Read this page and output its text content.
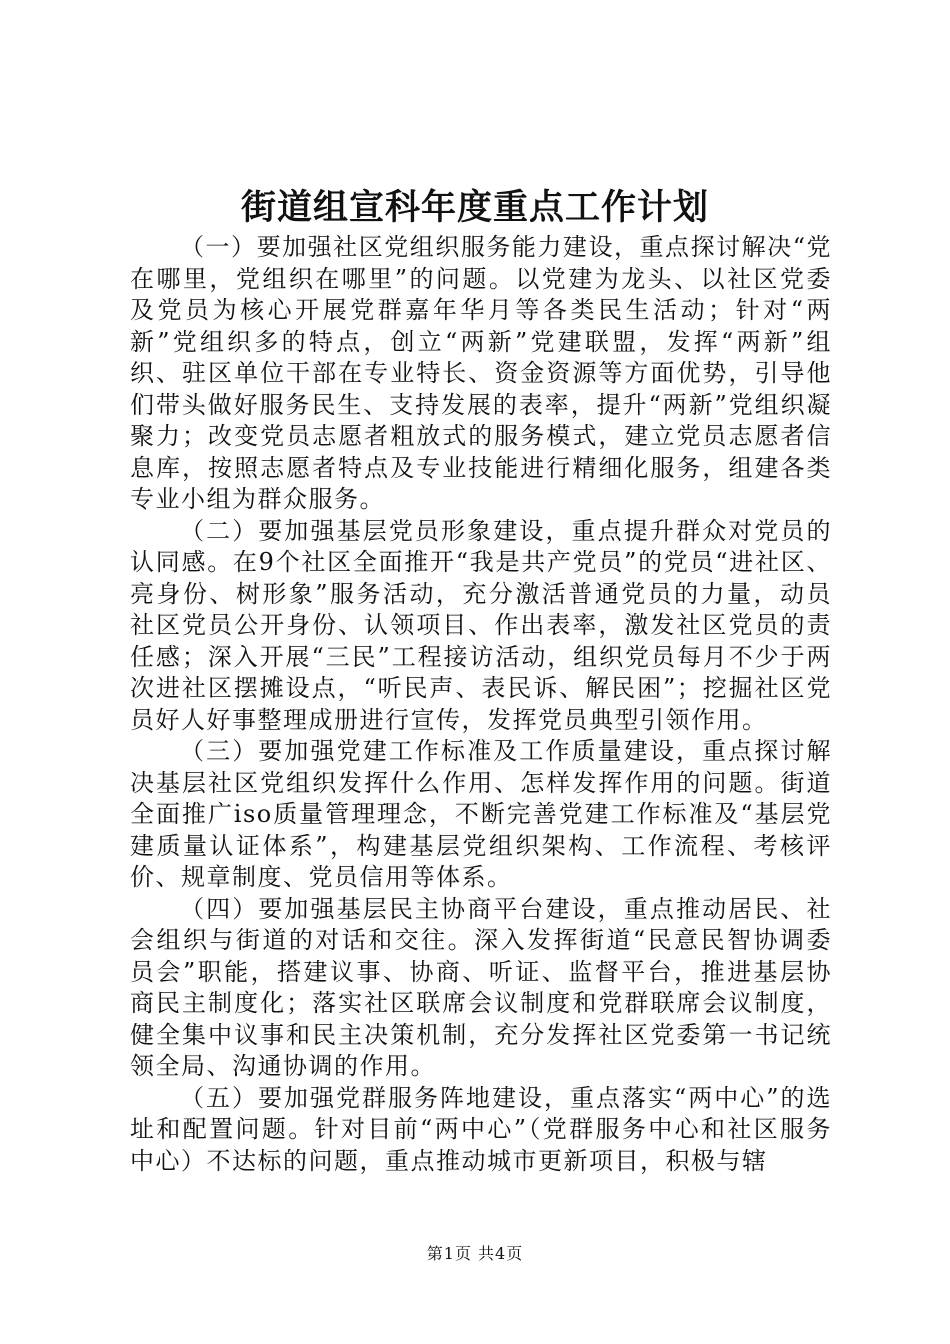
街道组宣科年度重点工作计划

（一）要加强社区党组织服务能力建设，重点探讨解决“党在哪里，党组织在哪里”的问题。以党建为龙头、以社区党委及党员为核心开展党群嘉年华月等各类民生活动；针对“两新”党组织多的特点，创立“两新”党建联盟，发挥“两新”组织、驻区单位干部在专业特长、资金资源等方面优势，引导他们带头做好服务民生、支持发展的表率，提升“两新”党组织凝聚力；改变党员志愿者粗放式的服务模式，建立党员志愿者信息库，按照志愿者特点及专业技能进行精细化服务，组建各类专业小组为群众服务。

（二）要加强基层党员形象建设，重点提升群众对党员的认同感。在9个社区全面推开“我是共产党员”的党员“进社区、亮身份、树形象”服务活动，充分激活普通党员的力量，动员社区党员公开身份、认领项目、作出表率，激发社区党员的责任感；深入开展“三民”工程接访活动，组织党员每月不少于两次进社区摆摊设点，“听民声、表民诉、解民困”；挖掘社区党员好人好事整理成册进行宣传，发挥党员典型引领作用。

（三）要加强党建工作标准及工作质量建设，重点探讨解决基层社区党组织发挥什么作用、怎样发挥作用的问题。街道全面推广iso质量管理理念，不断完善党建工作标准及“基层党建质量认证体系”，构建基层党组织架构、工作流程、考核评价、规章制度、党员信用等体系。

（四）要加强基层民主协商平台建设，重点推动居民、社会组织与街道的对话和交往。深入发挥街道“民意民智协调委员会”职能，搭建议事、协商、听证、监督平台，推进基层协商民主制度化；落实社区联席会议制度和党群联席会议制度，健全集中议事和民主决策机制，充分发挥社区党委第一书记统领全局、沟通协调的作用。

（五）要加强党群服务阵地建设，重点落实“两中心”的选址和配置问题。针对目前“两中心”（党群服务中心和社区服务中心）不达标的问题，重点推动城市更新项目，积极与辖

第1页 共4页
